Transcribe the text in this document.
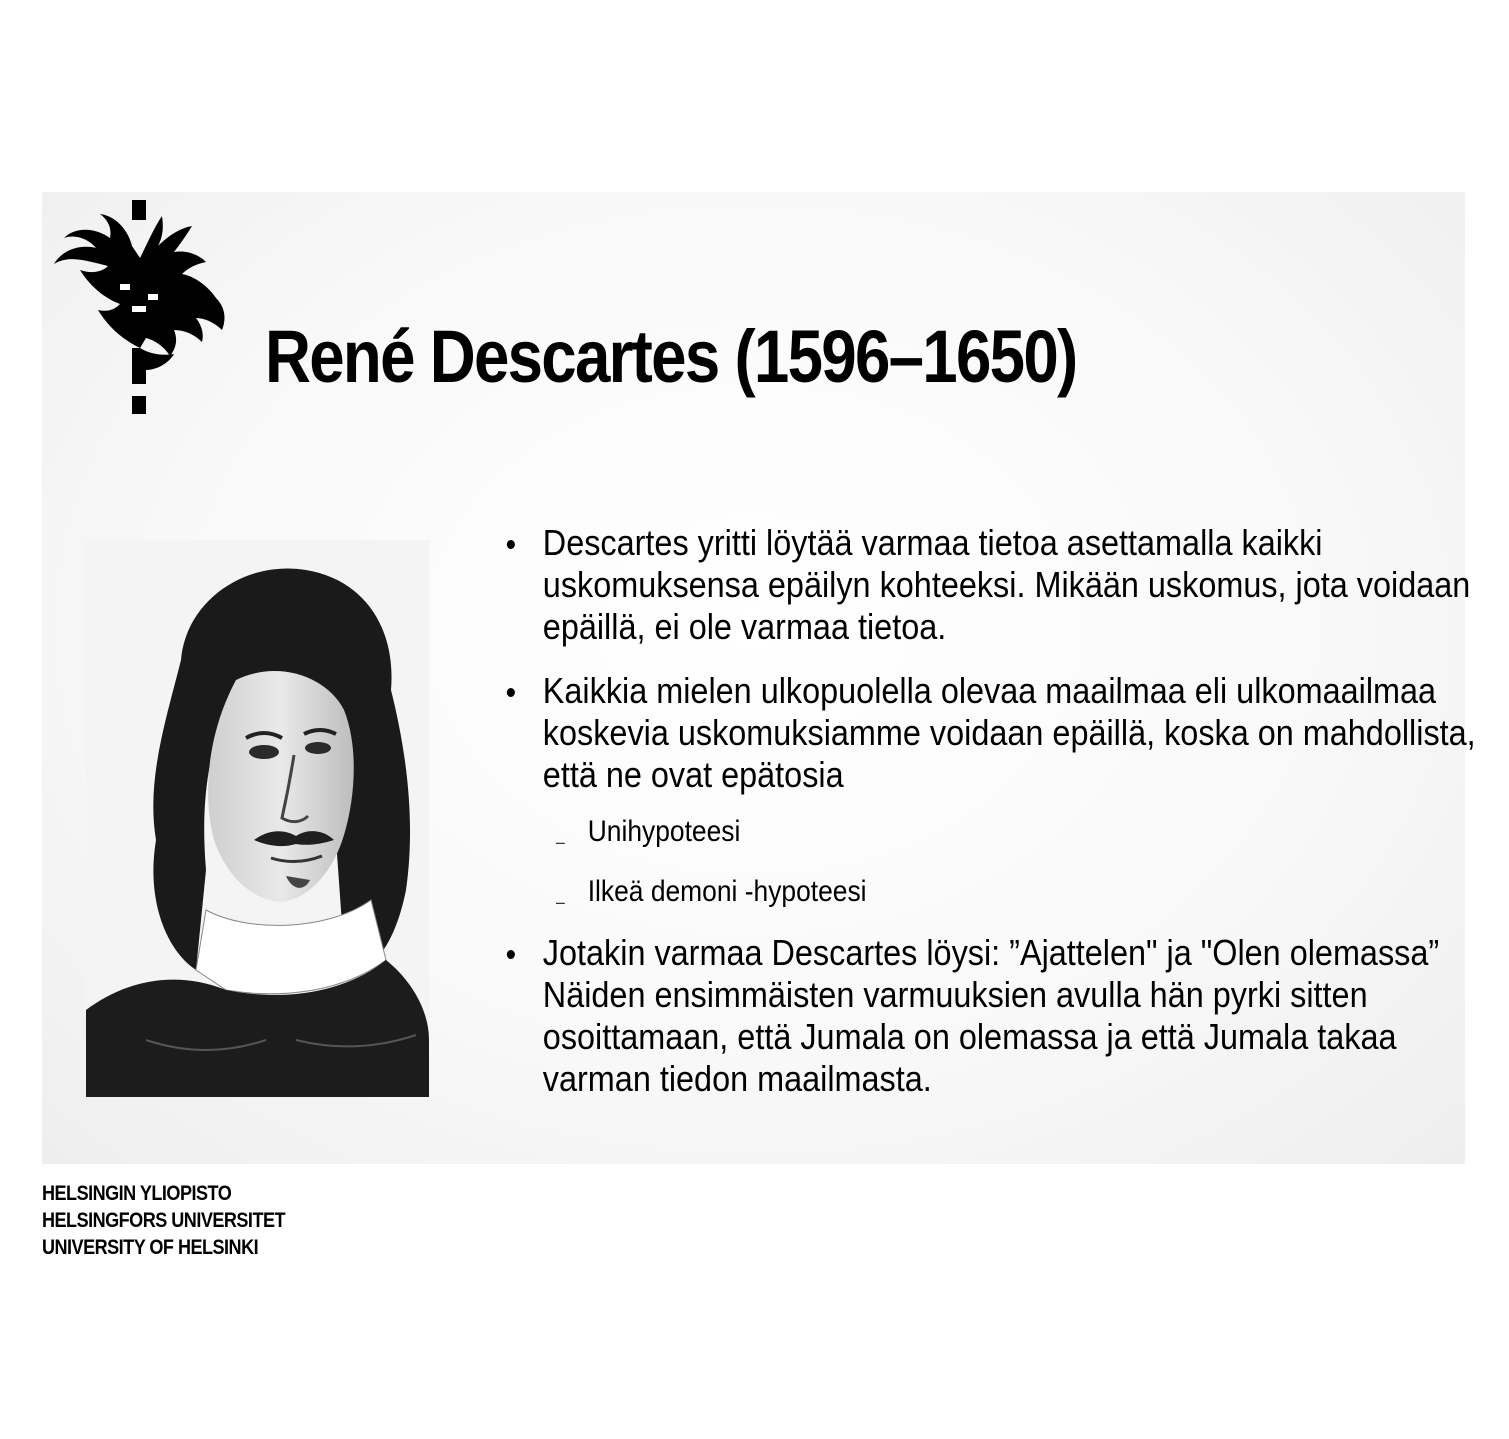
René Descartes (1596–1650)
Descartes yritti löytää varmaa tietoa asettamalla kaikki uskomuksensa epäilyn kohteeksi. Mikään uskomus, jota voidaan epäillä, ei ole varmaa tietoa.
Kaikkia mielen ulkopuolella olevaa maailmaa eli ulkomaailmaa koskevia uskomuksiamme voidaan epäillä, koska on mahdollista, että ne ovat epätosia
– Unihypoteesi
– Ilkeä demoni -hypoteesi
Jotakin varmaa Descartes löysi: ”Ajattelen" ja "Olen olemassa” Näiden ensimmäisten varmuuksien avulla hän pyrki sitten osoittamaan, että Jumala on olemassa ja että Jumala takaa varman tiedon maailmasta.
HELSINGIN YLIOPISTO
HELSINGFORS UNIVERSITET
UNIVERSITY OF HELSINKI
